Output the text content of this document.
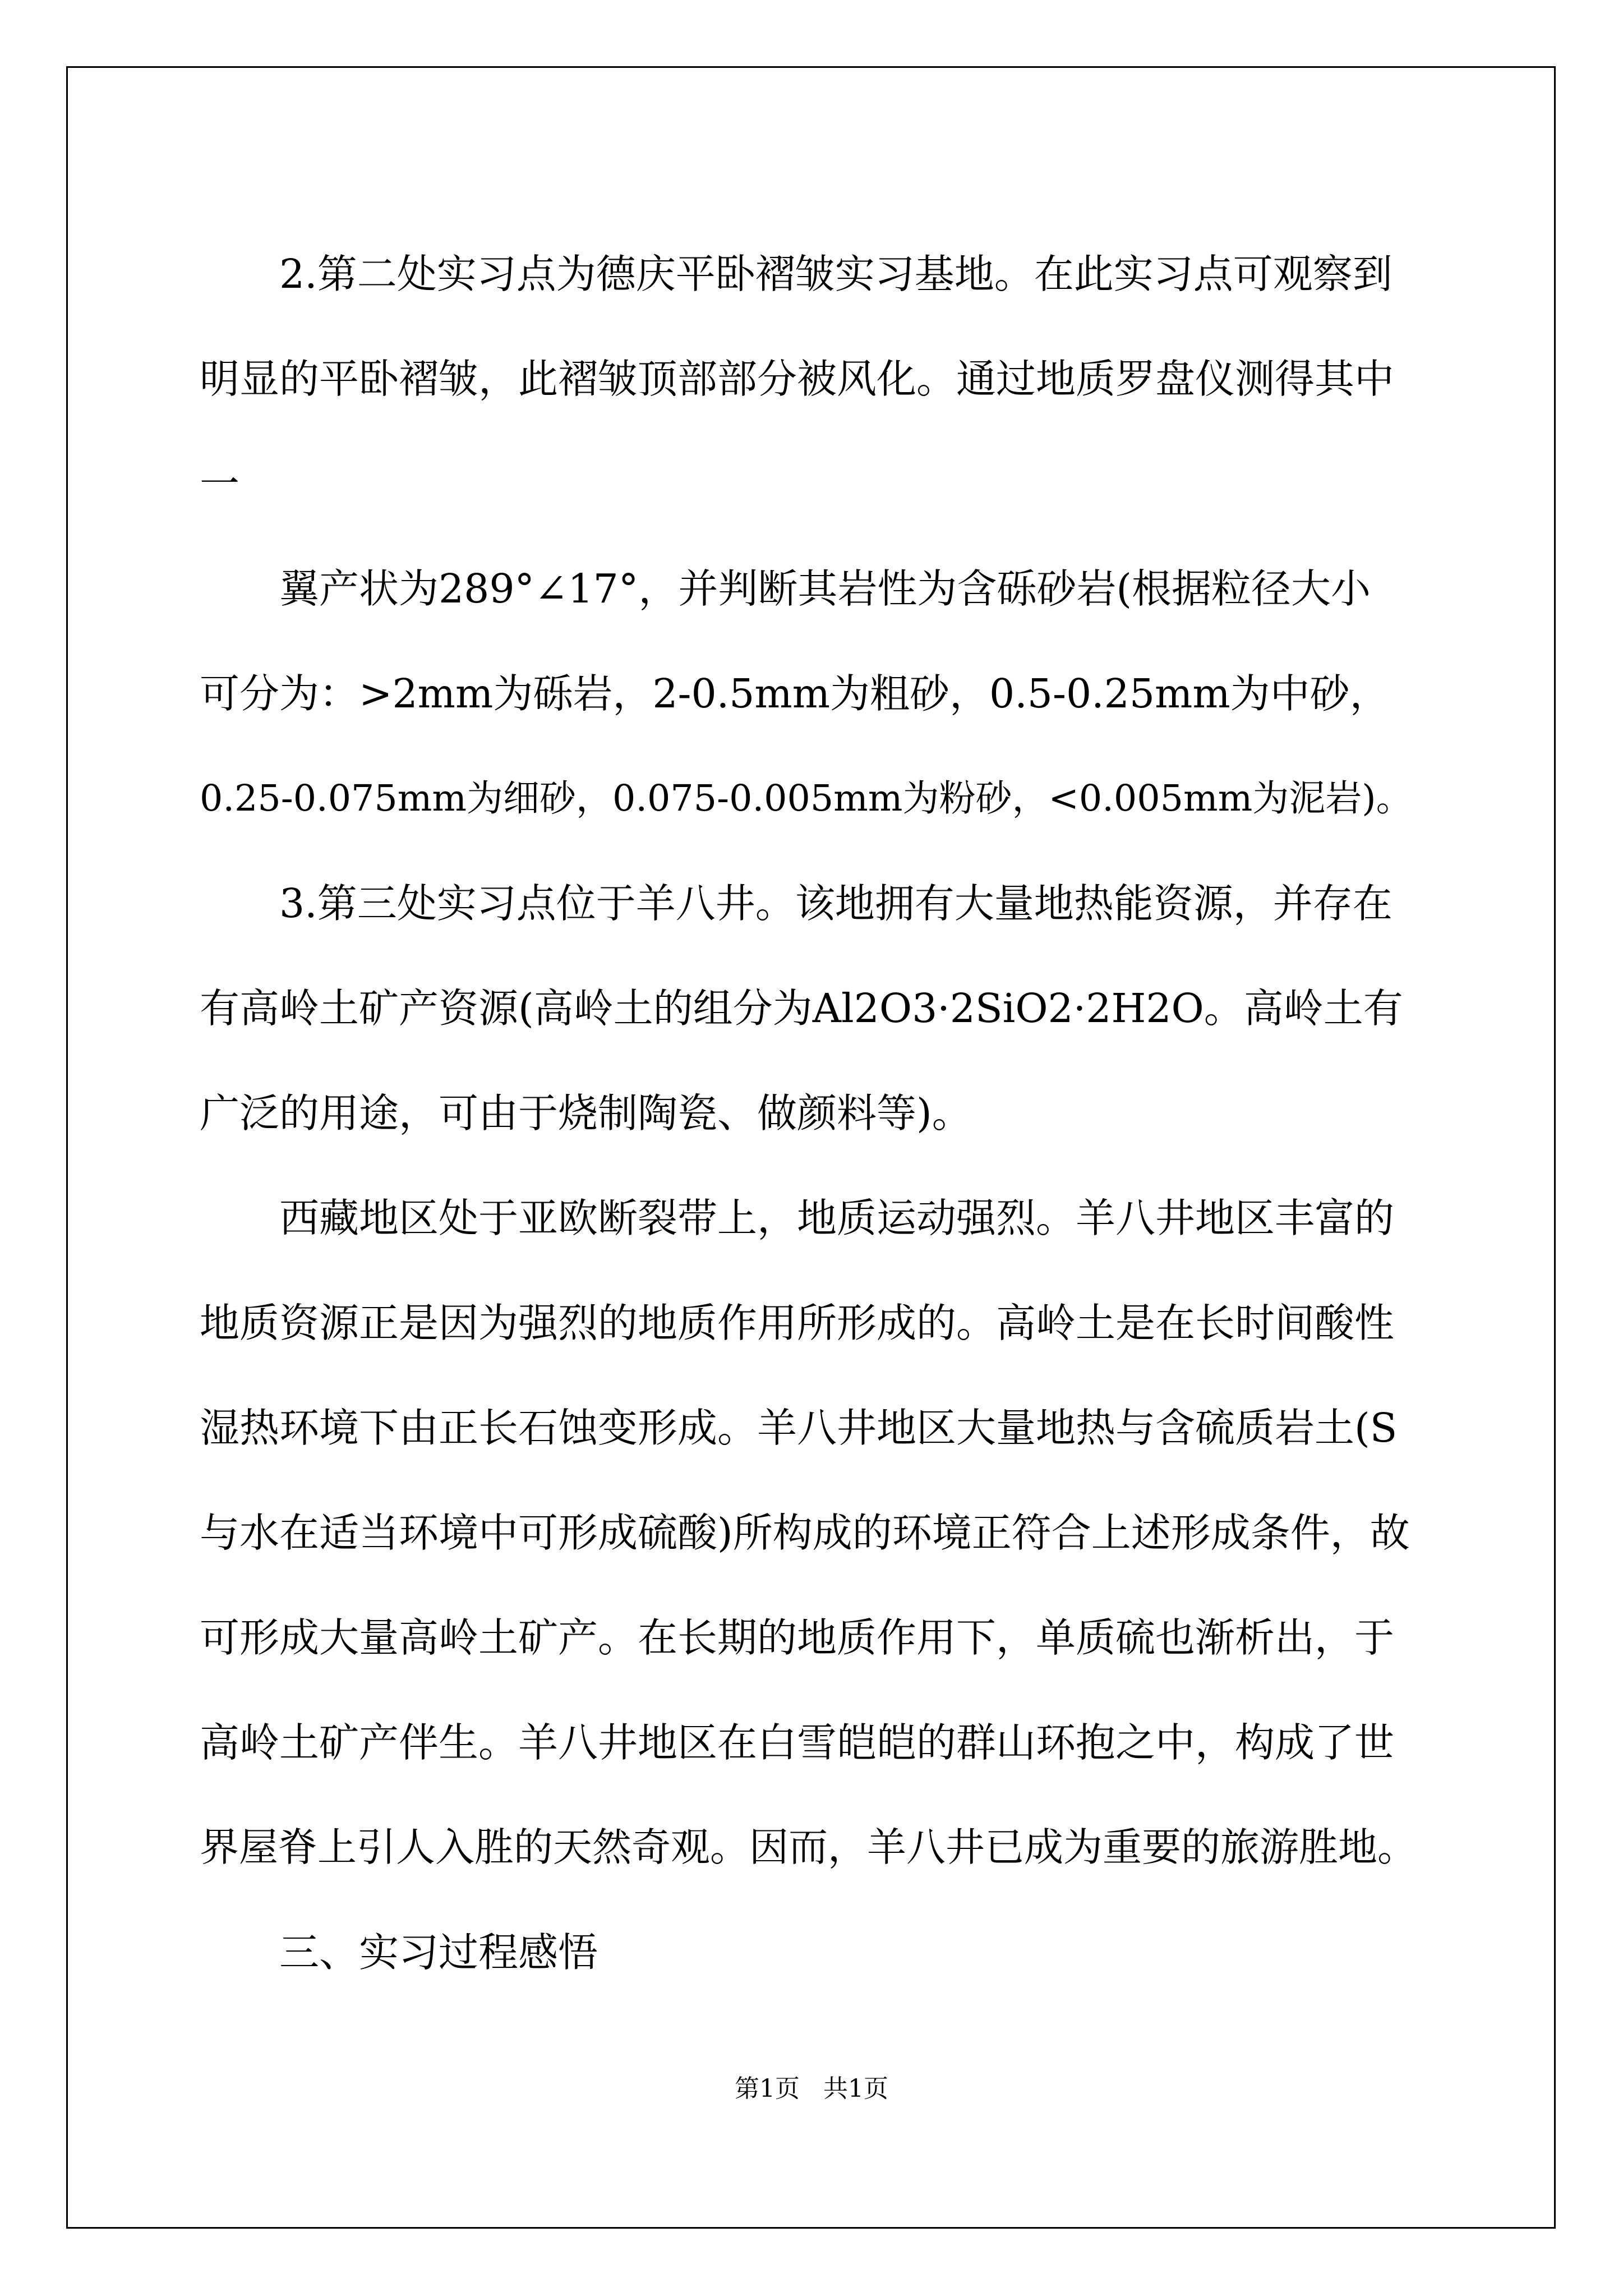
2.第二处实习点为德庆平卧褶皱实习基地。在此实习点可观察到
明显的平卧褶皱，此褶皱顶部部分被风化。通过地质罗盘仪测得其中
一
翼产状为289°∠17°，并判断其岩性为含砾砂岩(根据粒径大小
可分为：>2mm为砾岩，2-0.5mm为粗砂，0.5-0.25mm为中砂，
0.25-0.075mm为细砂，0.075-0.005mm为粉砂，<0.005mm为泥岩)。
3.第三处实习点位于羊八井。该地拥有大量地热能资源，并存在
有高岭土矿产资源(高岭土的组分为Al2O3·2SiO2·2H2O。高岭土有
广泛的用途，可由于烧制陶瓷、做颜料等)。
西藏地区处于亚欧断裂带上，地质运动强烈。羊八井地区丰富的
地质资源正是因为强烈的地质作用所形成的。高岭土是在长时间酸性
湿热环境下由正长石蚀变形成。羊八井地区大量地热与含硫质岩土(S
与水在适当环境中可形成硫酸)所构成的环境正符合上述形成条件，故
可形成大量高岭土矿产。在长期的地质作用下，单质硫也渐析出，于
高岭土矿产伴生。羊八井地区在白雪皑皑的群山环抱之中，构成了世
界屋脊上引人入胜的天然奇观。因而，羊八井已成为重要的旅游胜地。
三、实习过程感悟
第1页   共1页
